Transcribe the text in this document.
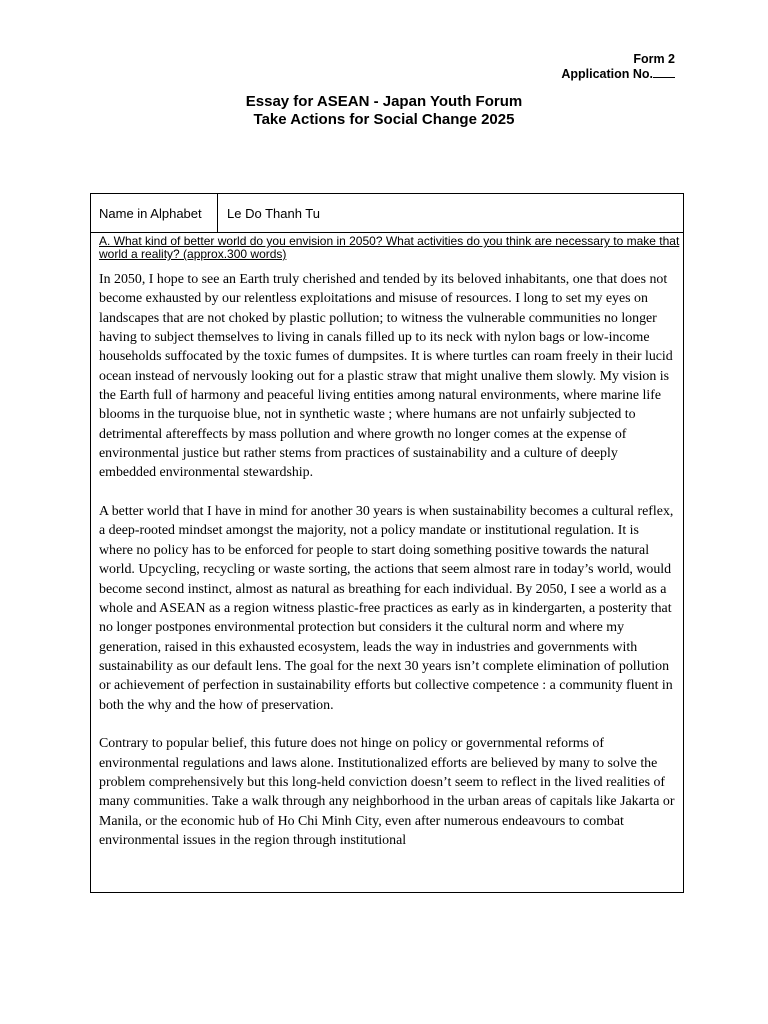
Form 2
Application No.
Essay for ASEAN - Japan Youth Forum
Take Actions for Social Change 2025
Name in Alphabet	Le Do Thanh Tu
A. What kind of better world do you envision in 2050? What activities do you think are necessary to make that world a reality? (approx.300 words)

In 2050, I hope to see an Earth truly cherished and tended by its beloved inhabitants, one that does not become exhausted by our relentless exploitations and misuse of resources. I long to set my eyes on landscapes that are not choked by plastic pollution; to witness the vulnerable communities no longer having to subject themselves to living in canals filled up to its neck with nylon bags or low-income households suffocated by the toxic fumes of dumpsites. It is where turtles can roam freely in their lucid ocean instead of nervously looking out for a plastic straw that might unalive them slowly. My vision is the Earth full of harmony and peaceful living entities among natural environments, where marine life blooms in the turquoise blue, not in synthetic waste ; where humans are not unfairly subjected to detrimental aftereffects by mass pollution and where growth no longer comes at the expense of environmental justice but rather stems from practices of sustainability and a culture of deeply embedded environmental stewardship.

A better world that I have in mind for another 30 years is when sustainability becomes a cultural reflex, a deep-rooted mindset amongst the majority, not a policy mandate or institutional regulation. It is where no policy has to be enforced for people to start doing something positive towards the natural world. Upcycling, recycling or waste sorting, the actions that seem almost rare in today’s world, would become second instinct, almost as natural as breathing for each individual. By 2050, I see a world as a whole and ASEAN as a region witness plastic-free practices as early as in kindergarten, a posterity that no longer postpones environmental protection but considers it the cultural norm and where my generation, raised in this exhausted ecosystem, leads the way in industries and governments with sustainability as our default lens. The goal for the next 30 years isn’t complete elimination of pollution or achievement of perfection in sustainability efforts but collective competence : a community fluent in both the why and the how of preservation.

Contrary to popular belief, this future does not hinge on policy or governmental reforms of environmental regulations and laws alone. Institutionalized efforts are believed by many to solve the problem comprehensively but this long-held conviction doesn’t seem to reflect in the lived realities of many communities. Take a walk through any neighborhood in the urban areas of capitals like Jakarta or Manila, or the economic hub of Ho Chi Minh City, even after numerous endeavours to combat environmental issues in the region through institutional
